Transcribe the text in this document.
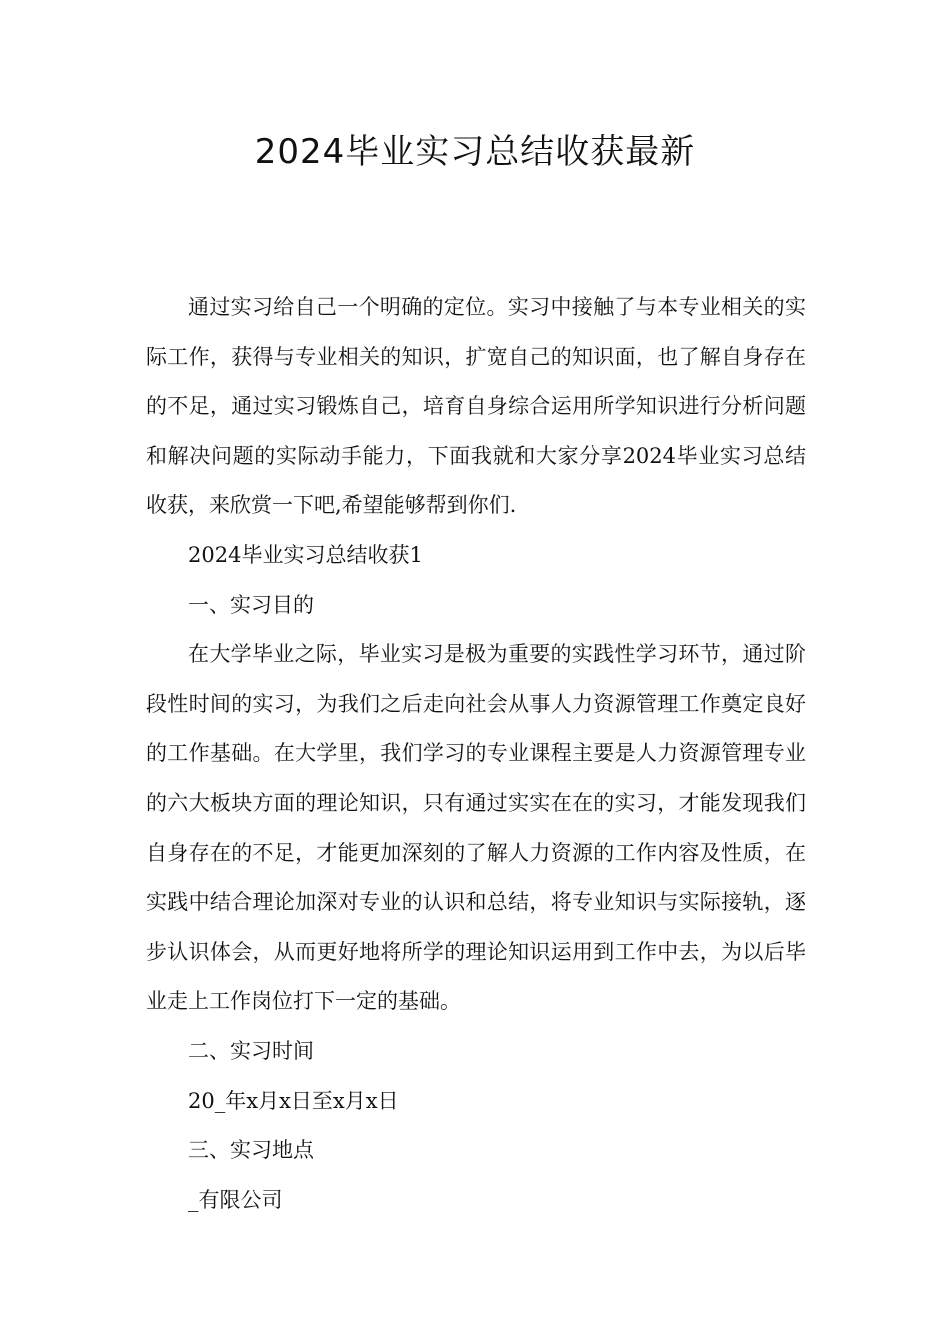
2024毕业实习总结收获最新

通过实习给自己一个明确的定位。实习中接触了与本专业相关的实际工作，获得与专业相关的知识，扩宽自己的知识面，也了解自身存在的不足，通过实习锻炼自己，培育自身综合运用所学知识进行分析问题和解决问题的实际动手能力，下面我就和大家分享2024毕业实习总结收获，来欣赏一下吧,希望能够帮到你们.

2024毕业实习总结收获1

一、实习目的

在大学毕业之际，毕业实习是极为重要的实践性学习环节，通过阶段性时间的实习，为我们之后走向社会从事人力资源管理工作奠定良好的工作基础。在大学里，我们学习的专业课程主要是人力资源管理专业的六大板块方面的理论知识，只有通过实实在在的实习，才能发现我们自身存在的不足，才能更加深刻的了解人力资源的工作内容及性质，在实践中结合理论加深对专业的认识和总结，将专业知识与实际接轨，逐步认识体会，从而更好地将所学的理论知识运用到工作中去，为以后毕业走上工作岗位打下一定的基础。

二、实习时间

20_年x月x日至x月x日

三、实习地点

_有限公司
